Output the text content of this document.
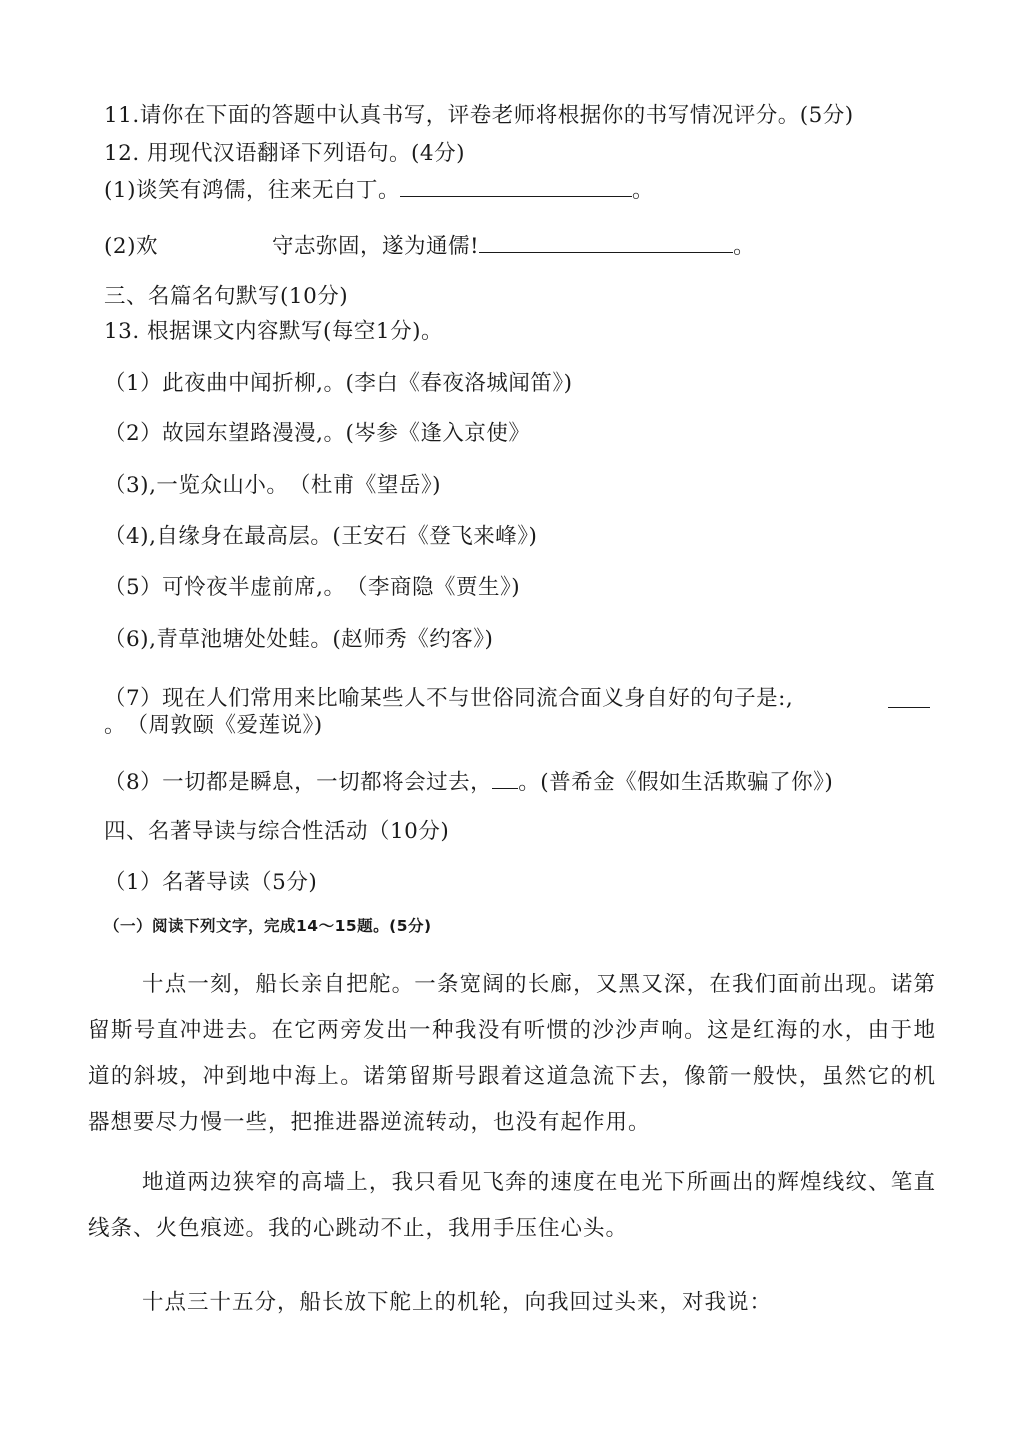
11.请你在下面的答题中认真书写，评卷老师将根据你的书写情况评分。(5分)
12. 用现代汉语翻译下列语句。(4分)
(1)谈笑有鸿儒，往来无白丁。	。
(2)欢	守志弥固，遂为通儒!	。
三、名篇名句默写(10分)
13. 根据课文内容默写(每空1分)。
（1）此夜曲中闻折柳,。(李白《春夜洛城闻笛》)
（2）故园东望路漫漫,。(岑参《逢入京使》
（3),一览众山小。　（杜甫《望岳》)
（4),自缘身在最高层。(王安石《登飞来峰》)
（5）可怜夜半虚前席,。　（李商隐《贾生》)
（6),青草池塘处处蛙。(赵师秀《约客》)
（7）现在人们常用来比喻某些人不与世俗同流合面义身自好的句子是:,
。　（周敦颐《爱莲说》)
（8）一切都是瞬息，一切都将会过去， 。(普希金《假如生活欺骗了你》)
四、名著导读与综合性活动（10分)
（1）名著导读（5分)
（一）阅读下列文字，完成14～15题。(5分)
十点一刻，船长亲自把舵。一条宽阔的长廊，又黑又深，在我们面前出现。诺第留斯号直冲进去。在它两旁发出一种我没有听惯的沙沙声响。这是红海的水，由于地道的斜坡，冲到地中海上。诺第留斯号跟着这道急流下去，像箭一般快，虽然它的机器想要尽力慢一些，把推进器逆流转动，也没有起作用。
地道两边狭窄的高墙上，我只看见飞奔的速度在电光下所画出的辉煌线纹、笔直线条、火色痕迹。我的心跳动不止，我用手压住心头。
十点三十五分，船长放下舵上的机轮，向我回过头来，对我说：
